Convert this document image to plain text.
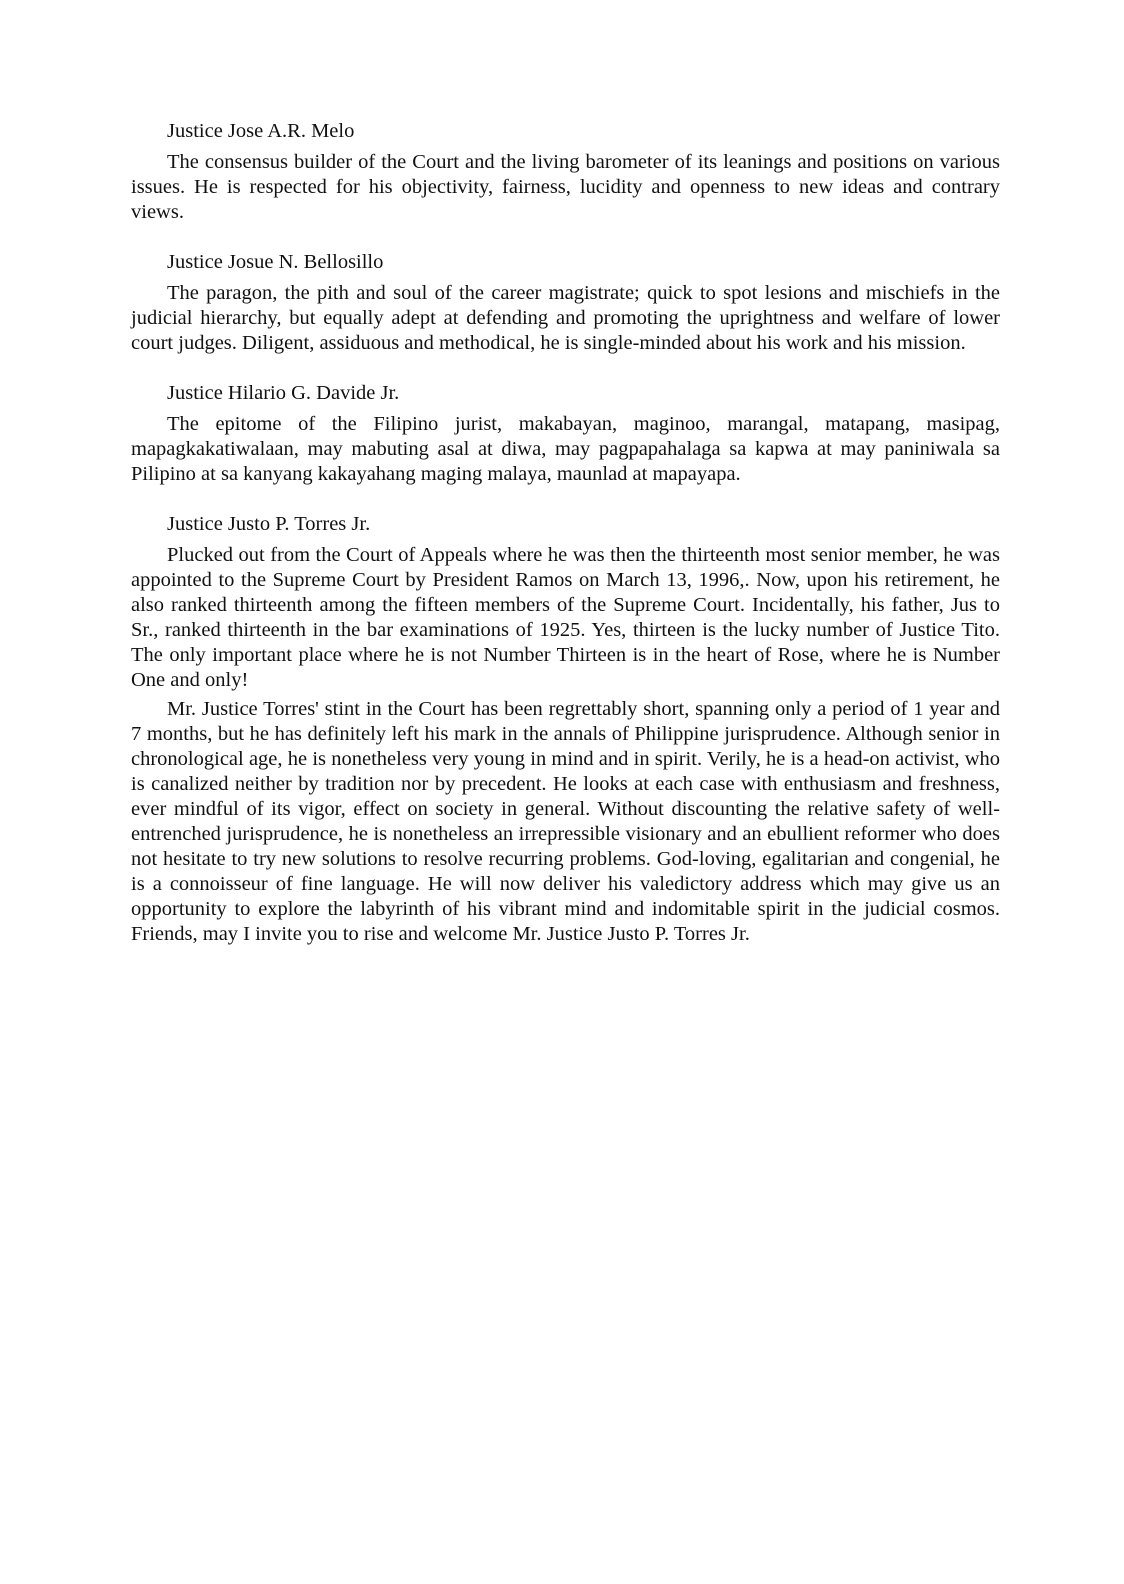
Justice Jose A.R. Melo

The consensus builder of the Court and the living barometer of its leanings and positions on various issues. He is respected for his objectivity, fairness, lucidity and openness to new ideas and contrary views.

Justice Josue N. Bellosillo

The paragon, the pith and soul of the career magistrate; quick to spot lesions and mischiefs in the judicial hierarchy, but equally adept at defending and promoting the uprightness and welfare of lower court judges. Diligent, assiduous and methodical, he is single-minded about his work and his mission.

Justice Hilario G. Davide Jr.

The epitome of the Filipino jurist, makabayan, maginoo, marangal, matapang, masipag, mapagkakatiwalaan, may mabuting asal at diwa, may pagpapahalaga sa kapwa at may paniniwala sa Pilipino at sa kanyang kakayahang maging malaya, maunlad at mapayapa.

Justice Justo P. Torres Jr.

Plucked out from the Court of Appeals where he was then the thirteenth most senior member, he was appointed to the Supreme Court by President Ramos on March 13, 1996,. Now, upon his retirement, he also ranked thirteenth among the fifteen members of the Supreme Court. Incidentally, his father, Jus to Sr., ranked thirteenth in the bar examinations of 1925. Yes, thirteen is the lucky number of Justice Tito. The only important place where he is not Number Thirteen is in the heart of Rose, where he is Number One and only!

Mr. Justice Torres' stint in the Court has been regrettably short, spanning only a period of 1 year and 7 months, but he has definitely left his mark in the annals of Philippine jurisprudence. Although senior in chronological age, he is nonetheless very young in mind and in spirit. Verily, he is a head-on activist, who is canalized neither by tradition nor by precedent. He looks at each case with enthusiasm and freshness, ever mindful of its vigor, effect on society in general. Without discounting the relative safety of well-entrenched jurisprudence, he is nonetheless an irrepressible visionary and an ebullient reformer who does not hesitate to try new solutions to resolve recurring problems. God-loving, egalitarian and congenial, he is a connoisseur of fine language. He will now deliver his valedictory address which may give us an opportunity to explore the labyrinth of his vibrant mind and indomitable spirit in the judicial cosmos. Friends, may I invite you to rise and welcome Mr. Justice Justo P. Torres Jr.
